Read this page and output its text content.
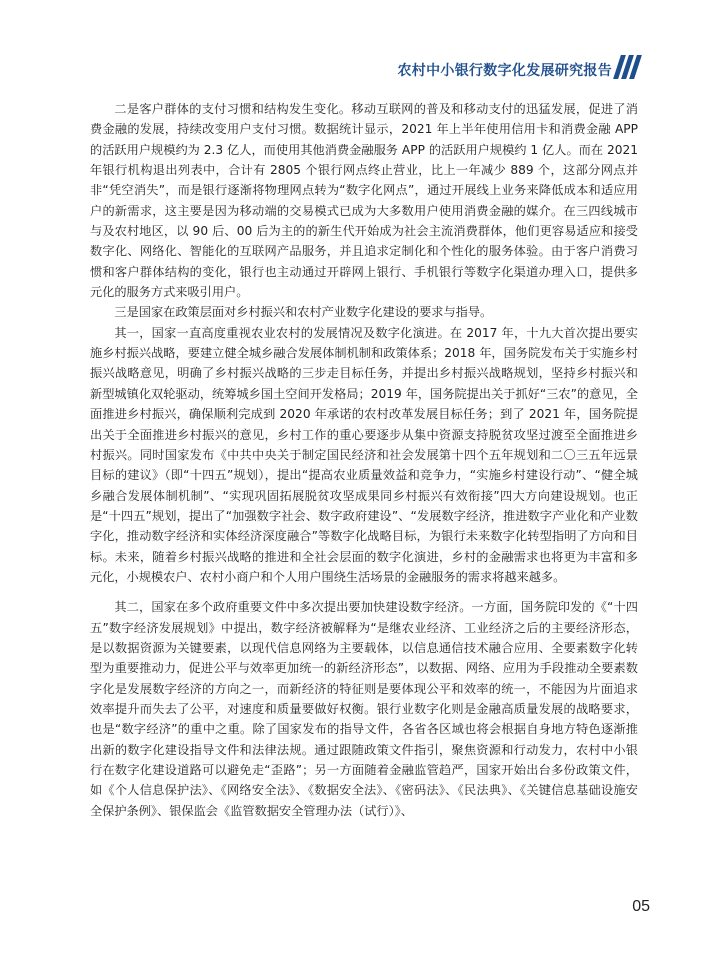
农村中小银行数字化发展研究报告

二是客户群体的支付习惯和结构发生变化。移动互联网的普及和移动支付的迅猛发展，促进了消费金融的发展，持续改变用户支付习惯。数据统计显示，2021 年上半年使用信用卡和消费金融 APP 的活跃用户规模约为 2.3 亿人，而使用其他消费金融服务 APP 的活跃用户规模约 1 亿人。而在 2021 年银行机构退出列表中，合计有 2805 个银行网点终止营业，比上一年减少 889 个，这部分网点并非“凭空消失”，而是银行逐渐将物理网点转为“数字化网点”，通过开展线上业务来降低成本和适应用户的新需求，这主要是因为移动端的交易模式已成为大多数用户使用消费金融的媒介。在三四线城市与及农村地区，以 90 后、00 后为主的的新生代开始成为社会主流消费群体，他们更容易适应和接受数字化、网络化、智能化的互联网产品服务，并且追求定制化和个性化的服务体验。由于客户消费习惯和客户群体结构的变化，银行也主动通过开辟网上银行、手机银行等数字化渠道办理入口，提供多元化的服务方式来吸引用户。

三是国家在政策层面对乡村振兴和农村产业数字化建设的要求与指导。

其一，国家一直高度重视农业农村的发展情况及数字化演进。在 2017 年，十九大首次提出要实施乡村振兴战略，要建立健全城乡融合发展体制机制和政策体系；2018 年，国务院发布关于实施乡村振兴战略意见，明确了乡村振兴战略的三步走目标任务，并提出乡村振兴战略规划，坚持乡村振兴和新型城镇化双轮驱动，统筹城乡国土空间开发格局；2019 年，国务院提出关于抓好“三农”的意见，全面推进乡村振兴，确保顺利完成到 2020 年承诺的农村改革发展目标任务；到了 2021 年，国务院提出关于全面推进乡村振兴的意见，乡村工作的重心要逐步从集中资源支持脱贫攻坚过渡至全面推进乡村振兴。同时国家发布《中共中央关于制定国民经济和社会发展第十四个五年规划和二〇三五年远景目标的建议》（即“十四五”规划），提出“提高农业质量效益和竞争力，“实施乡村建设行动”、“健全城乡融合发展体制机制”、“实现巩固拓展脱贫攻坚成果同乡村振兴有效衔接”四大方向建设规划。也正是“十四五”规划，提出了“加强数字社会、数字政府建设”、“发展数字经济，推进数字产业化和产业数字化，推动数字经济和实体经济深度融合”等数字化战略目标，为银行未来数字化转型指明了方向和目标。未来，随着乡村振兴战略的推进和全社会层面的数字化演进，乡村的金融需求也将更为丰富和多元化，小规模农户、农村小商户和个人用户围绕生活场景的金融服务的需求将越来越多。

其二，国家在多个政府重要文件中多次提出要加快建设数字经济。一方面，国务院印发的《“十四五”数字经济发展规划》中提出，数字经济被解释为“是继农业经济、工业经济之后的主要经济形态，是以数据资源为关键要素，以现代信息网络为主要载体，以信息通信技术融合应用、全要素数字化转型为重要推动力，促进公平与效率更加统一的新经济形态”，以数据、网络、应用为手段推动全要素数字化是发展数字经济的方向之一，而新经济的特征则是要体现公平和效率的统一，不能因为片面追求效率提升而失去了公平，对速度和质量要做好权衡。银行业数字化则是金融高质量发展的战略要求，也是“数字经济”的重中之重。除了国家发布的指导文件，各省各区域也将会根据自身地方特色逐渐推出新的数字化建设指导文件和法律法规。通过跟随政策文件指引，聚焦资源和行动发力，农村中小银行在数字化建设道路可以避免走“歪路”；另一方面随着金融监管趋严，国家开始出台多份政策文件，如《个人信息保护法》、《网络安全法》、《数据安全法》、《密码法》、《民法典》、《关键信息基础设施安全保护条例》、银保监会《监管数据安全管理办法（试行）》、

05
